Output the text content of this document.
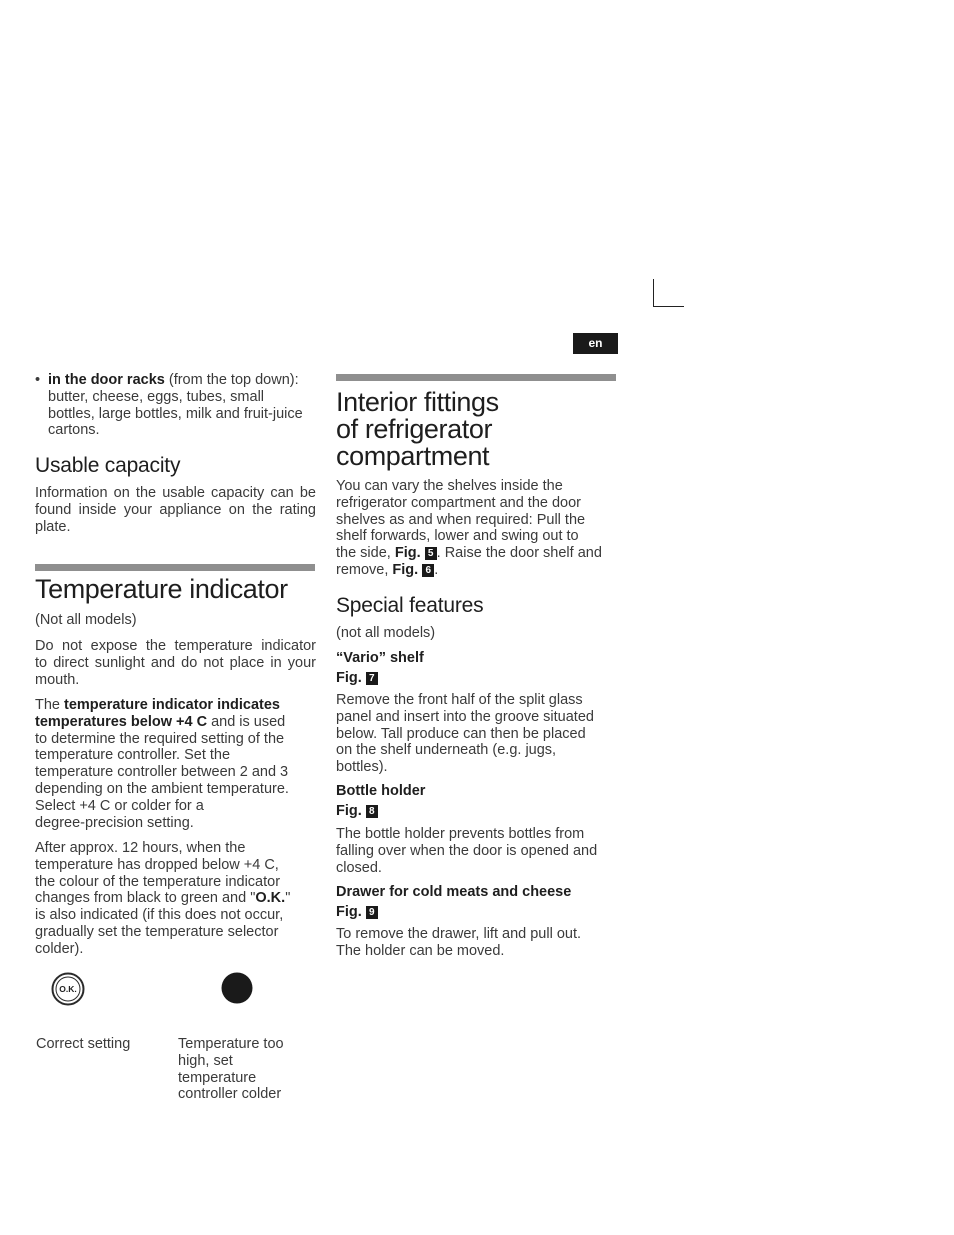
en
• in the door racks (from the top down):
butter, cheese, eggs, tubes, small
bottles, large bottles, milk and fruit-juice
cartons.
Usable capacity
Information on the usable capacity can be
found inside your appliance on the rating
plate.
Temperature indicator
(Not all models)
Do not expose the temperature indicator
to direct sunlight and do not place in your
mouth.
The temperature indicator indicates
temperatures below +4 C and is used
to determine the required setting of the
temperature controller. Set the
temperature controller between 2 and 3
depending on the ambient temperature.
Select +4 C or colder for a
degree-precision setting.
After approx. 12 hours, when the
temperature has dropped below +4 C,
the colour of the temperature indicator
changes from black to green and "O.K."
is also indicated (if this does not occur,
gradually set the temperature selector
colder).
O.K.
Correct setting	Temperature too
high, set
temperature
controller colder
Interior fittings
of refrigerator
compartment
You can vary the shelves inside the
refrigerator compartment and the door
shelves as and when required: Pull the
shelf forwards, lower and swing out to
the side, Fig. 5 . Raise the door shelf and
remove, Fig. 6 .
Special features
(not all models)
“Vario” shelf
Fig. 7
Remove the front half of the split glass
panel and insert into the groove situated
below. Tall produce can then be placed
on the shelf underneath (e.g. jugs,
bottles).
Bottle holder
Fig. 8
The bottle holder prevents bottles from
falling over when the door is opened and
closed.
Drawer for cold meats and cheese
Fig. 9
To remove the drawer, lift and pull out.
The holder can be moved.
